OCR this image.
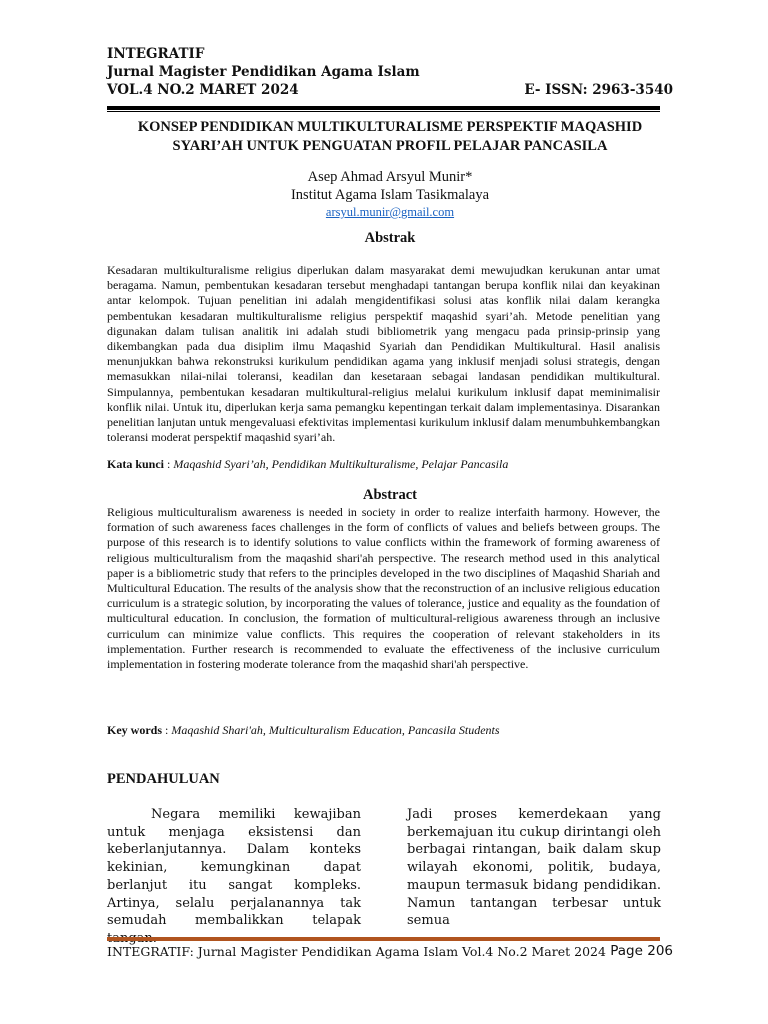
INTEGRATIF
Jurnal Magister Pendidikan Agama Islam
VOL.4 NO.2 MARET 2024	E- ISSN: 2963-3540
KONSEP PENDIDIKAN MULTIKULTURALISME PERSPEKTIF MAQASHID
SYARI’AH UNTUK PENGUATAN PROFIL PELAJAR PANCASILA
Asep Ahmad Arsyul Munir*
Institut Agama Islam Tasikmalaya
arsyul.munir@gmail.com
Abstrak

Kesadaran multikulturalisme religius diperlukan dalam masyarakat demi mewujudkan kerukunan antar umat beragama. Namun, pembentukan kesadaran tersebut menghadapi tantangan berupa konflik nilai dan keyakinan antar kelompok. Tujuan penelitian ini adalah mengidentifikasi solusi atas konflik nilai dalam kerangka pembentukan kesadaran multikulturalisme religius perspektif maqashid syari’ah. Metode penelitian yang digunakan dalam tulisan analitik ini adalah studi bibliometrik yang mengacu pada prinsip-prinsip yang dikembangkan pada dua disiplim ilmu Maqashid Syariah dan Pendidikan Multikultural. Hasil analisis menunjukkan bahwa rekonstruksi kurikulum pendidikan agama yang inklusif menjadi solusi strategis, dengan memasukkan nilai-nilai toleransi, keadilan dan kesetaraan sebagai landasan pendidikan multikultural. Simpulannya, pembentukan kesadaran multikultural-religius melalui kurikulum inklusif dapat meminimalisir konflik nilai. Untuk itu, diperlukan kerja sama pemangku kepentingan terkait dalam implementasinya. Disarankan penelitian lanjutan untuk mengevaluasi efektivitas implementasi kurikulum inklusif dalam menumbuhkembangkan toleransi moderat perspektif maqashid syari’ah.

Kata kunci : Maqashid Syari’ah, Pendidikan Multikulturalisme, Pelajar Pancasila
Abstract

Religious multiculturalism awareness is needed in society in order to realize interfaith harmony. However, the formation of such awareness faces challenges in the form of conflicts of values and beliefs between groups. The purpose of this research is to identify solutions to value conflicts within the framework of forming awareness of religious multiculturalism from the maqashid shari'ah perspective. The research method used in this analytical paper is a bibliometric study that refers to the principles developed in the two disciplines of Maqashid Shariah and Multicultural Education. The results of the analysis show that the reconstruction of an inclusive religious education curriculum is a strategic solution, by incorporating the values of tolerance, justice and equality as the foundation of multicultural education. In conclusion, the formation of multicultural-religious awareness through an inclusive curriculum can minimize value conflicts. This requires the cooperation of relevant stakeholders in its implementation. Further research is recommended to evaluate the effectiveness of the inclusive curriculum implementation in fostering moderate tolerance from the maqashid shari'ah perspective.

Key words : Maqashid Shari'ah, Multiculturalism Education, Pancasila Students
PENDAHULUAN

Negara memiliki kewajiban untuk menjaga eksistensi dan keberlanjutannya. Dalam konteks kekinian, kemungkinan dapat berlanjut itu sangat kompleks. Artinya, selalu perjalanannya tak semudah membalikkan telapak

Jadi proses kemerdekaan yang berkemajuan itu cukup dirintangi oleh berbagai rintangan, baik dalam skup wilayah ekonomi, politik, budaya, maupun termasuk bidang pendidikan. Namun tantangan terbesar untuk semua

INTEGRATIF: Jurnal Magister Pendidikan Agama Islam Vol.4 No.2 Maret 2024 Page 206
